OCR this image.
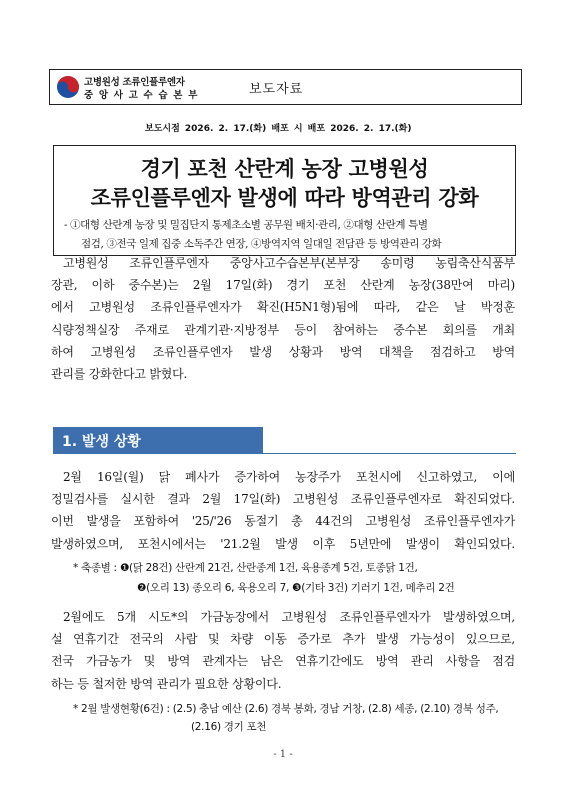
고병원성 조류인플루엔자
중 앙 사 고 수 습 본 부	보도자료
보도시점 2026. 2. 17.(화) 배포 시 배포 2026. 2. 17.(화)
경기 포천 산란계 농장 고병원성
조류인플루엔자 발생에 따라 방역관리 강화
- ①대형 산란계 농장 및 밀집단지 통제초소별 공무원 배치·관리, ②대형 산란계 특별
점검, ③전국 일제 집중 소독주간 연장, ④방역지역 일대일 전담관 등 방역관리 강화
고병원성 조류인플루엔자 중앙사고수습본부(본부장 송미령 농림축산식품부
장관, 이하 중수본)는 2월 17일(화) 경기 포천 산란계 농장(38만여 마리)
에서 고병원성 조류인플루엔자가 확진(H5N1형)됨에 따라, 같은 날 박정훈
식량정책실장 주재로 관계기관·지방정부 등이 참여하는 중수본 회의를 개최
하여 고병원성 조류인플루엔자 발생 상황과 방역 대책을 점검하고 방역
관리를 강화한다고 밝혔다.
1. 발생 상황
2월 16일(월) 닭 폐사가 증가하여 농장주가 포천시에 신고하였고, 이에
정밀검사를 실시한 결과 2월 17일(화) 고병원성 조류인플루엔자로 확진되었다.
이번 발생을 포함하여 '25/'26 동절기 총 44건의 고병원성 조류인플루엔자가
발생하였으며, 포천시에서는 '21.2월 발생 이후 5년만에 발생이 확인되었다.
* 축종별 : ❶(닭 28건) 산란계 21건, 산란종계 1건, 육용종계 5건, 토종닭 1건,
❷(오리 13) 종오리 6, 육용오리 7, ❸(기타 3건) 기러기 1건, 메추리 2건
2월에도 5개 시도*의 가금농장에서 고병원성 조류인플루엔자가 발생하였으며,
설 연휴기간 전국의 사람 및 차량 이동 증가로 추가 발생 가능성이 있으므로,
전국 가금농가 및 방역 관계자는 남은 연휴기간에도 방역 관리 사항을 점검
하는 등 철저한 방역 관리가 필요한 상황이다.
* 2월 발생현황(6건) : (2.5) 충남 예산 (2.6) 경북 봉화, 경남 거창, (2.8) 세종, (2.10) 경북 성주,
(2.16) 경기 포천
- 1 -
